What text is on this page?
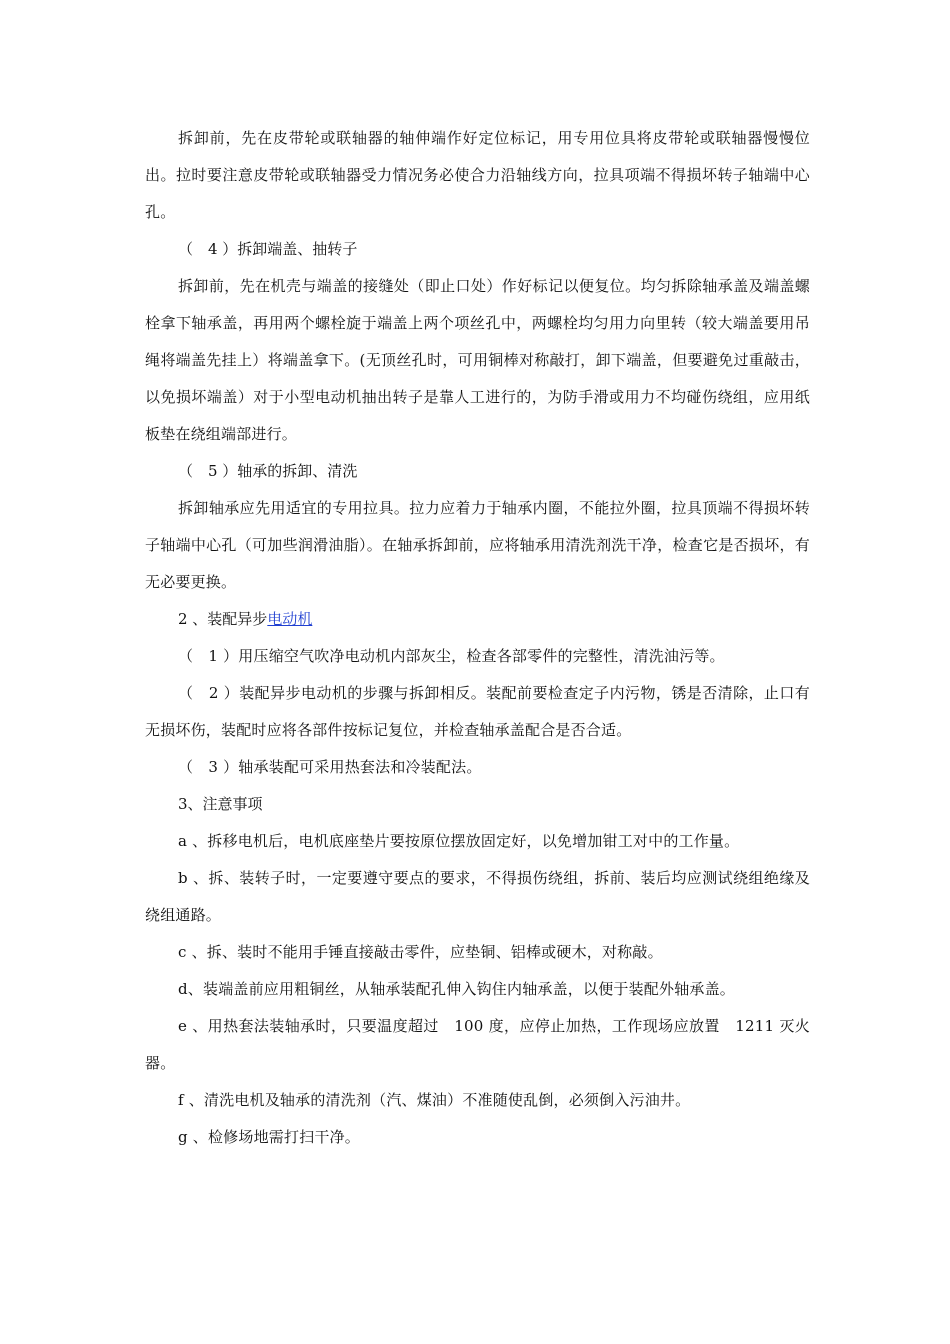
拆卸前，先在皮带轮或联轴器的轴伸端作好定位标记，用专用位具将皮带轮或联轴器慢慢位出。拉时要注意皮带轮或联轴器受力情况务必使合力沿轴线方向，拉具项端不得损坏转子轴端中心孔。

（　4 ）拆卸端盖、抽转子

拆卸前，先在机壳与端盖的接缝处（即止口处）作好标记以便复位。均匀拆除轴承盖及端盖螺栓拿下轴承盖，再用两个螺栓旋于端盖上两个项丝孔中，两螺栓均匀用力向里转（较大端盖要用吊绳将端盖先挂上）将端盖拿下。(无顶丝孔时，可用铜棒对称敲打，卸下端盖，但要避免过重敲击，以免损坏端盖）对于小型电动机抽出转子是靠人工进行的，为防手滑或用力不均碰伤绕组，应用纸板垫在绕组端部进行。

（　5 ）轴承的拆卸、清洗

拆卸轴承应先用适宜的专用拉具。拉力应着力于轴承内圈，不能拉外圈，拉具顶端不得损坏转子轴端中心孔（可加些润滑油脂）。在轴承拆卸前，应将轴承用清洗剂洗干净，检查它是否损坏，有无必要更换。

2 、装配异步电动机

（　1 ）用压缩空气吹净电动机内部灰尘，检查各部零件的完整性，清洗油污等。

（　2 ）装配异步电动机的步骤与拆卸相反。装配前要检查定子内污物，锈是否清除，止口有无损坏伤，装配时应将各部件按标记复位，并检查轴承盖配合是否合适。

（　3 ）轴承装配可采用热套法和冷装配法。

3、注意事项

a 、拆移电机后，电机底座垫片要按原位摆放固定好，以免增加钳工对中的工作量。

b 、拆、装转子时，一定要遵守要点的要求，不得损伤绕组，拆前、装后均应测试绕组绝缘及绕组通路。

c 、拆、装时不能用手锤直接敲击零件，应垫铜、铝棒或硬木，对称敲。

d、装端盖前应用粗铜丝，从轴承装配孔伸入钩住内轴承盖，以便于装配外轴承盖。

e 、用热套法装轴承时，只要温度超过　100 度，应停止加热，工作现场应放置　1211 灭火器。

f 、清洗电机及轴承的清洗剂（汽、煤油）不准随使乱倒，必须倒入污油井。

g 、检修场地需打扫干净。
